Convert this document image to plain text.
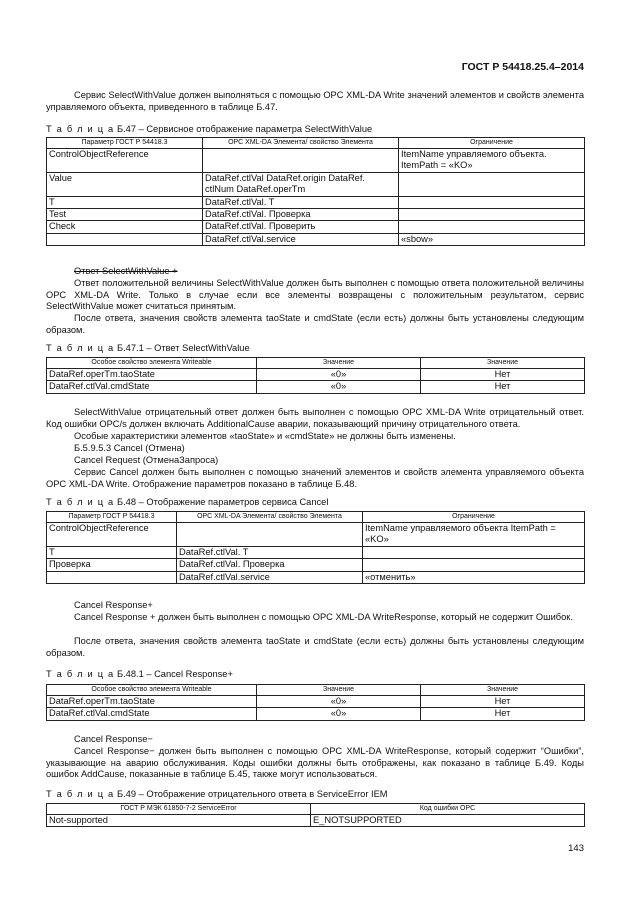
ГОСТ Р 54418.25.4–2014
Сервис SelectWithValue должен выполняться с помощью OPC XML-DA Write значений элементов и свойств элемента управляемого объекта, приведенного в таблице Б.47.
Т а б л и ц а Б.47 – Сервисное отображение параметра SelectWithValue
Параметр ГОСТ Р 54418.3	OPC XML-DA Элемента/ свойство Элемента	Ограничение
ControlObjectReference		ItemName управляемого объекта. ItemPath = «KO»
Value	DataRef.ctlVal DataRef.origin DataRef. ctlNum DataRef.operTm	
T	DataRef.ctlVal. T	
Test	DataRef.ctlVal. Проверка	
Check	DataRef.ctlVal. Проверить	
	DataRef.ctlVal.service	«sbow»
Ответ SelectWithValue +
Ответ положительной величины SelectWithValue должен быть выполнен с помощью ответа положительной величины OPC XML-DA Write. Только в случае если все элементы возвращены с положительным результатом, сервис SelectWithValue может считаться принятым.
После ответа, значения свойств элемента taoState и cmdState (если есть) должны быть установлены следующим образом.
Т а б л и ц а Б.47.1 – Ответ SelectWithValue
Особое свойство элемента Writeable	Значение	Значение
DataRef.operTm.taoState	«0»	Нет
DataRef.ctlVal.cmdState	«0»	Нет
SelectWithValue отрицательный ответ должен быть выполнен с помощью OPC XML-DA Write отрицательный ответ. Код ошибки OPC/s должен включать AdditionalCause аварии, показывающий причину отрицательного ответа.
Особые характеристики элементов «taoState» и «cmdState» не должны быть изменены.
Б.5.9.5.3 Cancel (Отмена)
Cancel Request (ОтменаЗапроса)
Сервис Cancel должен быть выполнен с помощью значений элементов и свойств элемента управляемого объекта OPC XML-DA Write. Отображение параметров показано в таблице Б.48.
Т а б л и ц а Б.48 – Отображение параметров сервиса Cancel
Параметр ГОСТ Р 54418.3	OPC XML-DA Элемента/ свойство Элемента	Ограничение
ControlObjectReference		ItemName управляемого объекта ItemPath = «KO»
T	DataRef.ctlVal. T	
Проверка	DataRef.ctlVal. Проверка	
	DataRef.ctlVal.service	«отменить»
Cancel Response+
Cancel Response + должен быть выполнен с помощью OPC XML-DA WriteResponse, который не содержит Ошибок.
После ответа, значения свойств элемента taoState и cmdState (если есть) должны быть установлены следующим образом.
Т а б л и ц а Б.48.1 – Cancel Response+
Особое свойство элемента Writeable	Значение	Значение
DataRef.operTm.taoState	«0»	Нет
DataRef.ctlVal.cmdState	«0»	Нет
Cancel Response−
Cancel Response− должен быть выполнен с помощью OPC XML-DA WriteResponse, который содержит “Ошибки”, указывающие на аварию обслуживания. Коды ошибки должны быть отображены, как показано в таблице Б.49. Коды ошибок AddCause, показанные в таблице Б.45, также могут использоваться.
Т а б л и ц а Б.49 – Отображение отрицательного ответа в ServiceError IEM
ГОСТ Р МЭК 61850-7-2 ServiceError	Код ошибки OPC
Not-supported	E_NOTSUPPORTED
143
